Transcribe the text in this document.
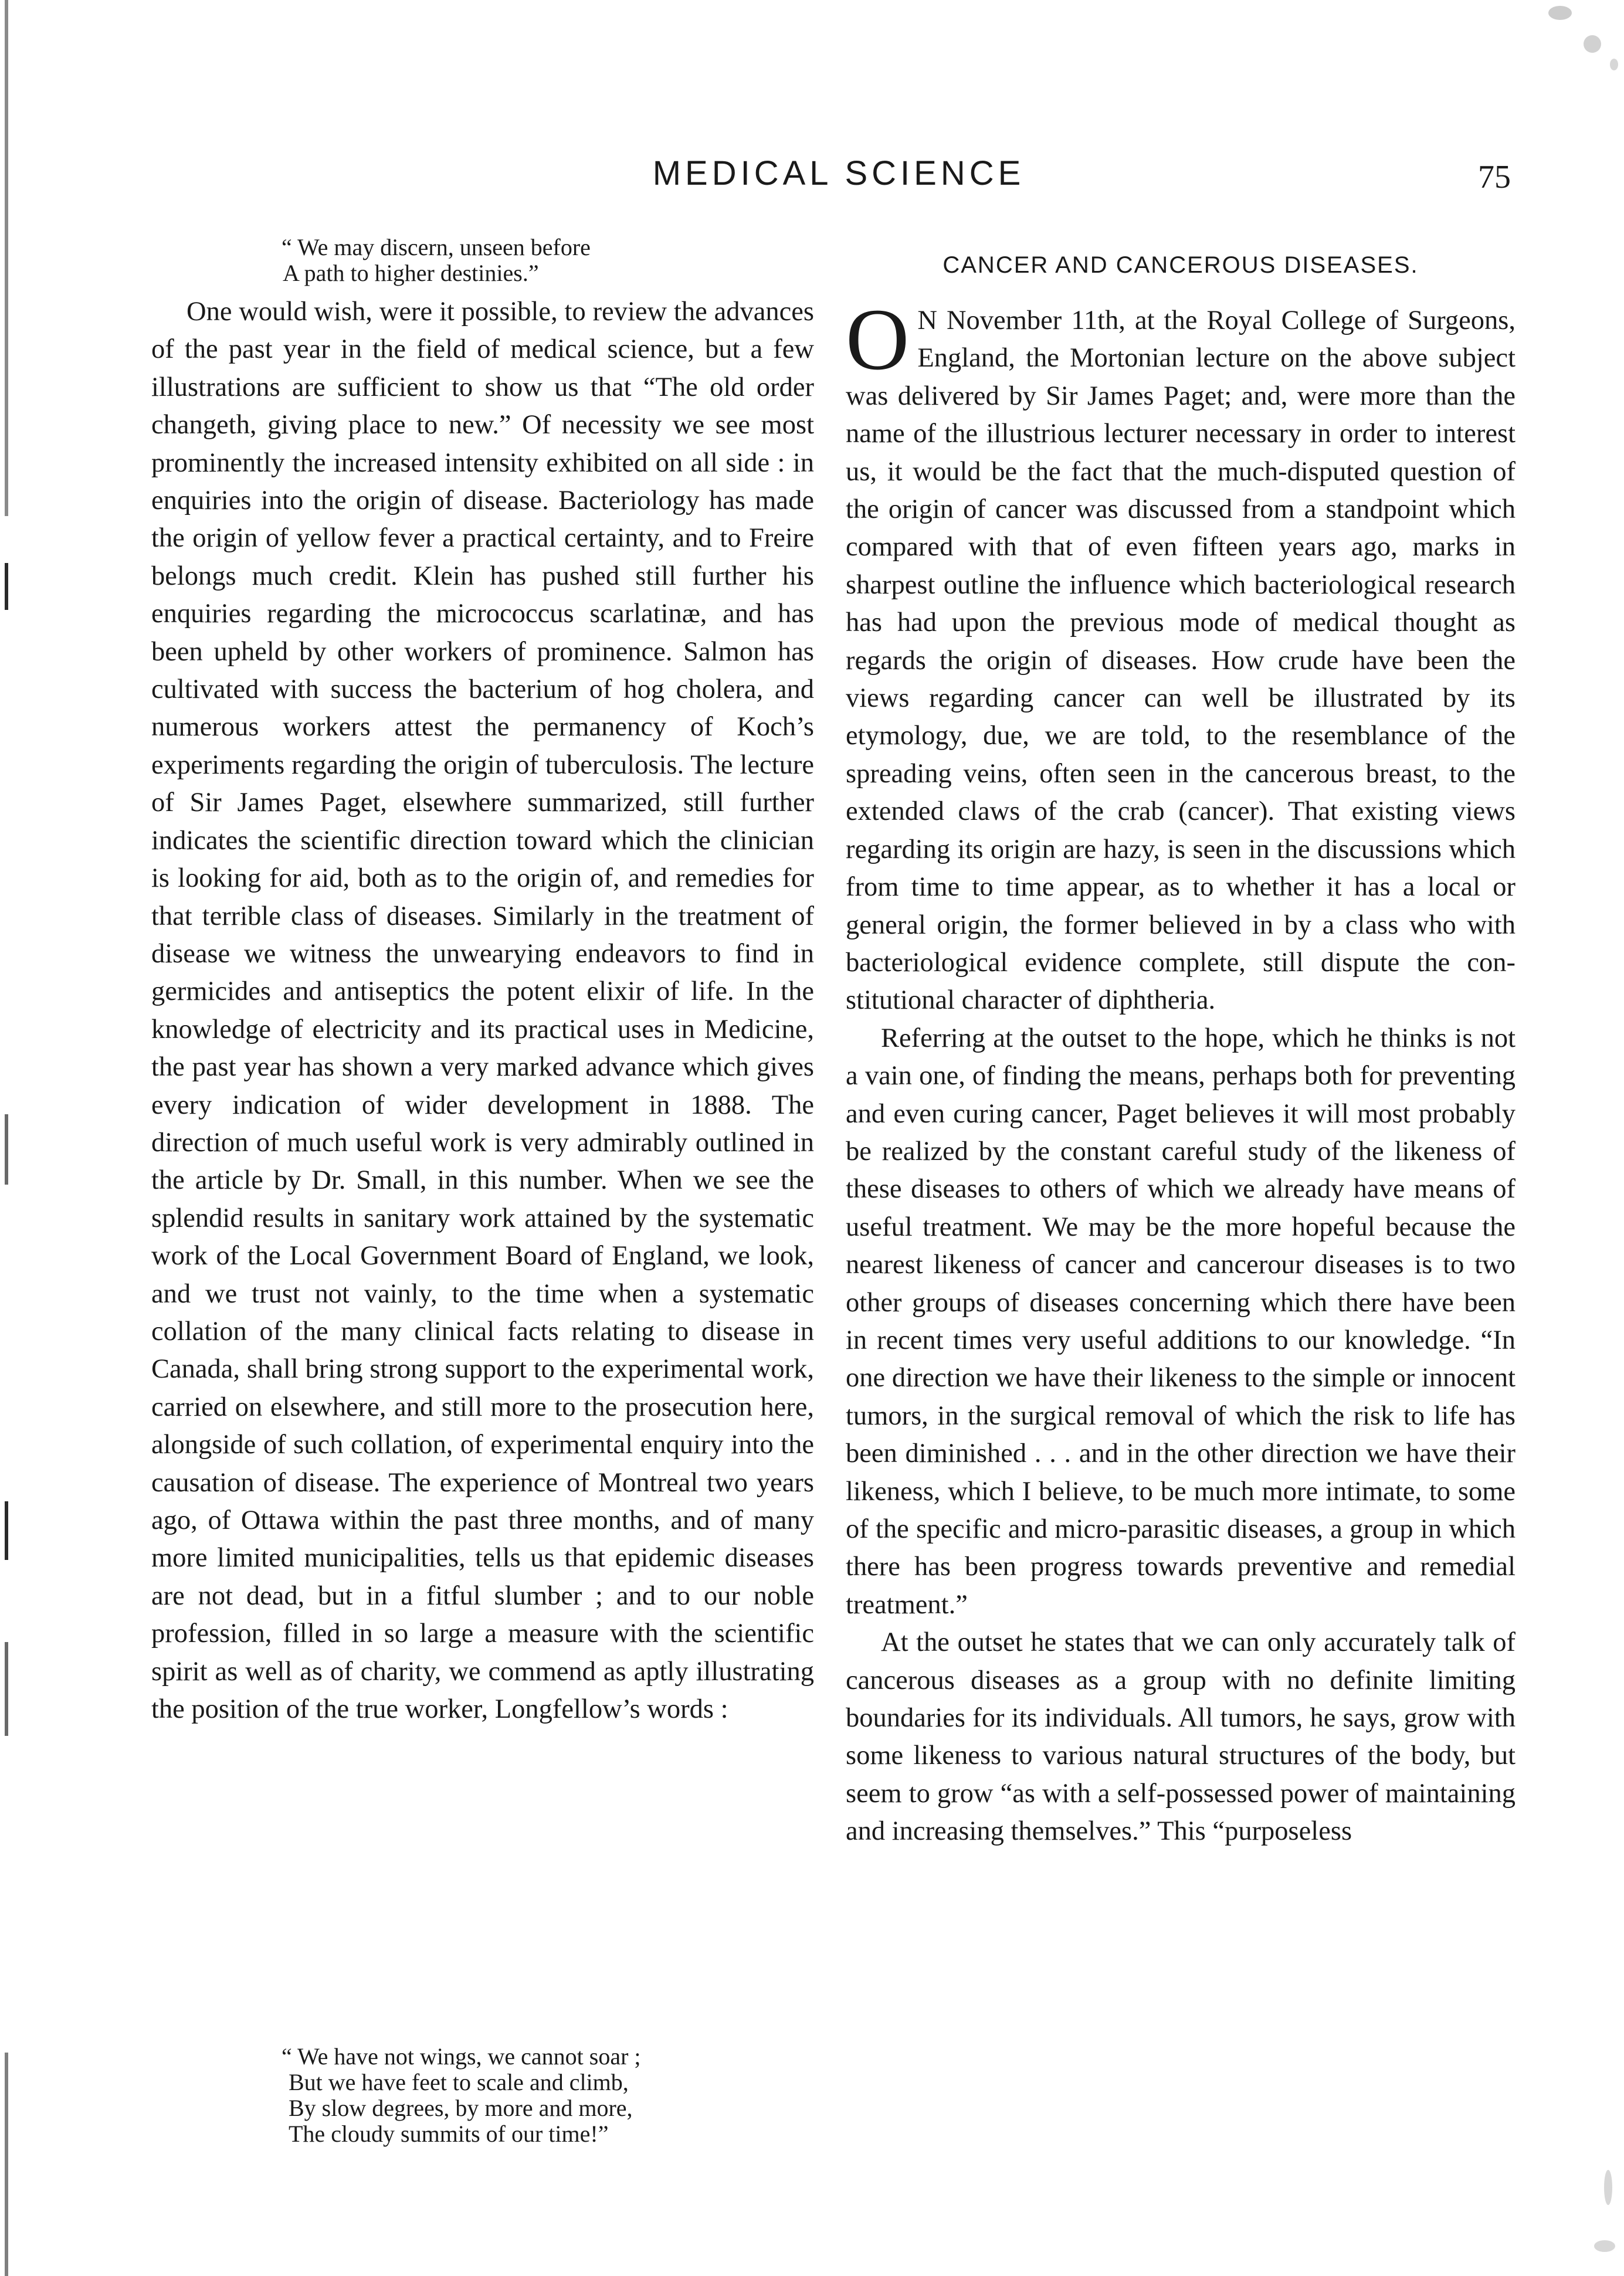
MEDICAL SCIENCE	75
“ We may discern, unseen before
A path to higher destinies.”

One would wish, were it possible, to review the advances of the past year in the field of medical science, but a few illustrations are sufficient to show us that “The old order changeth, giving place to new.” Of necessity we see most prominently the increased intensity exhibited on all side : in enquiries into the origin of disease. Bacteriology has made the origin of yellow fever a practical certainty, and to Freire belongs much credit. Klein has pushed still further his enquiries regarding the micrococcus scarlatinæ, and has been upheld by other workers of prominence. Salmon has cultivated with success the bacterium of hog cholera, and numerous workers attest the permanency of Koch’s experiments regarding the origin of tuberculosis. The lecture of Sir James Paget, elsewhere summarized, still further indicates the scientific direction toward which the clinician is looking for aid, both as to the origin of, and remedies for that terrible class of diseases. Similarly in the treatment of disease we witness the unwearying endeavors to find in germicides and antiseptics the potent elixir of life. In the knowledge of electricity and its practical uses in Medicine, the past year has shown a very marked advance which gives every indication of wider development in 1888. The direction of much useful work is very admirably outlined in the article by Dr. Small, in this number. When we see the splendid results in sanitary work attained by the systematic work of the Local Government Board of England, we look, and we trust not vainly, to the time when a systematic collation of the many clinical facts relating to disease in Canada, shall bring strong support to the experimental work, carried on elsewhere, and still more to the prosecution here, alongside of such collation, of experimental enquiry into the causation of disease. The experience of Montreal two years ago, of Ottawa within the past three months, and of many more limited municipalities, tells us that epidemic diseases are not dead, but in a fitful slumber ; and to our noble profession, filled in so large a measure with the scientific spirit as well as of charity, we commend as aptly illustrating the position of the true worker, Longfellow’s words :

“ We have not wings, we cannot soar ;
But we have feet to scale and climb,
By slow degrees, by more and more,
The cloudy summits of our time!”
CANCER AND CANCEROUS DISEASES.

O N November 11th, at the Royal College of Surgeons, England, the Mortonian lecture on the above subject was delivered by Sir James Paget; and, were more than the name of the illustrious lecturer necessary in order to interest us, it would be the fact that the much-disputed question of the origin of cancer was discussed from a standpoint which compared with that of even fifteen years ago, marks in sharpest outline the influence which bacteriological research has had upon the previous mode of medical thought as regards the origin of diseases. How crude have been the views regarding cancer can well be illustrated by its etymology, due, we are told, to the resemblance of the spreading veins, often seen in the cancerous breast, to the extended claws of the crab (cancer). That existing views regarding its origin are hazy, is seen in the discussions which from time to time appear, as to whether it has a local or general origin, the former believed in by a class who with bacteriological evidence complete, still dispute the constitutional character of diphtheria.

Referring at the outset to the hope, which he thinks is not a vain one, of finding the means, perhaps both for preventing and even curing cancer, Paget believes it will most probably be realized by the constant careful study of the likeness of these diseases to others of which we already have means of useful treatment. We may be the more hopeful because the nearest likeness of cancer and cancerour diseases is to two other groups of diseases concerning which there have been in recent times very useful additions to our knowledge. “In one direction we have their likeness to the simple or innocent tumors, in the surgical removal of which the risk to life has been diminished . . . and in the other direction we have their likeness, which I believe, to be much more intimate, to some of the specific and micro-parasitic diseases, a group in which there has been progress towards preventive and remedial treatment.”

At the outset he states that we can only accurately talk of cancerous diseases as a group with no definite limiting boundaries for its individuals. All tumors, he says, grow with some likeness to various natural structures of the body, but seem to grow “as with a self-possessed power of maintaining and increasing themselves.” This “purposeless
